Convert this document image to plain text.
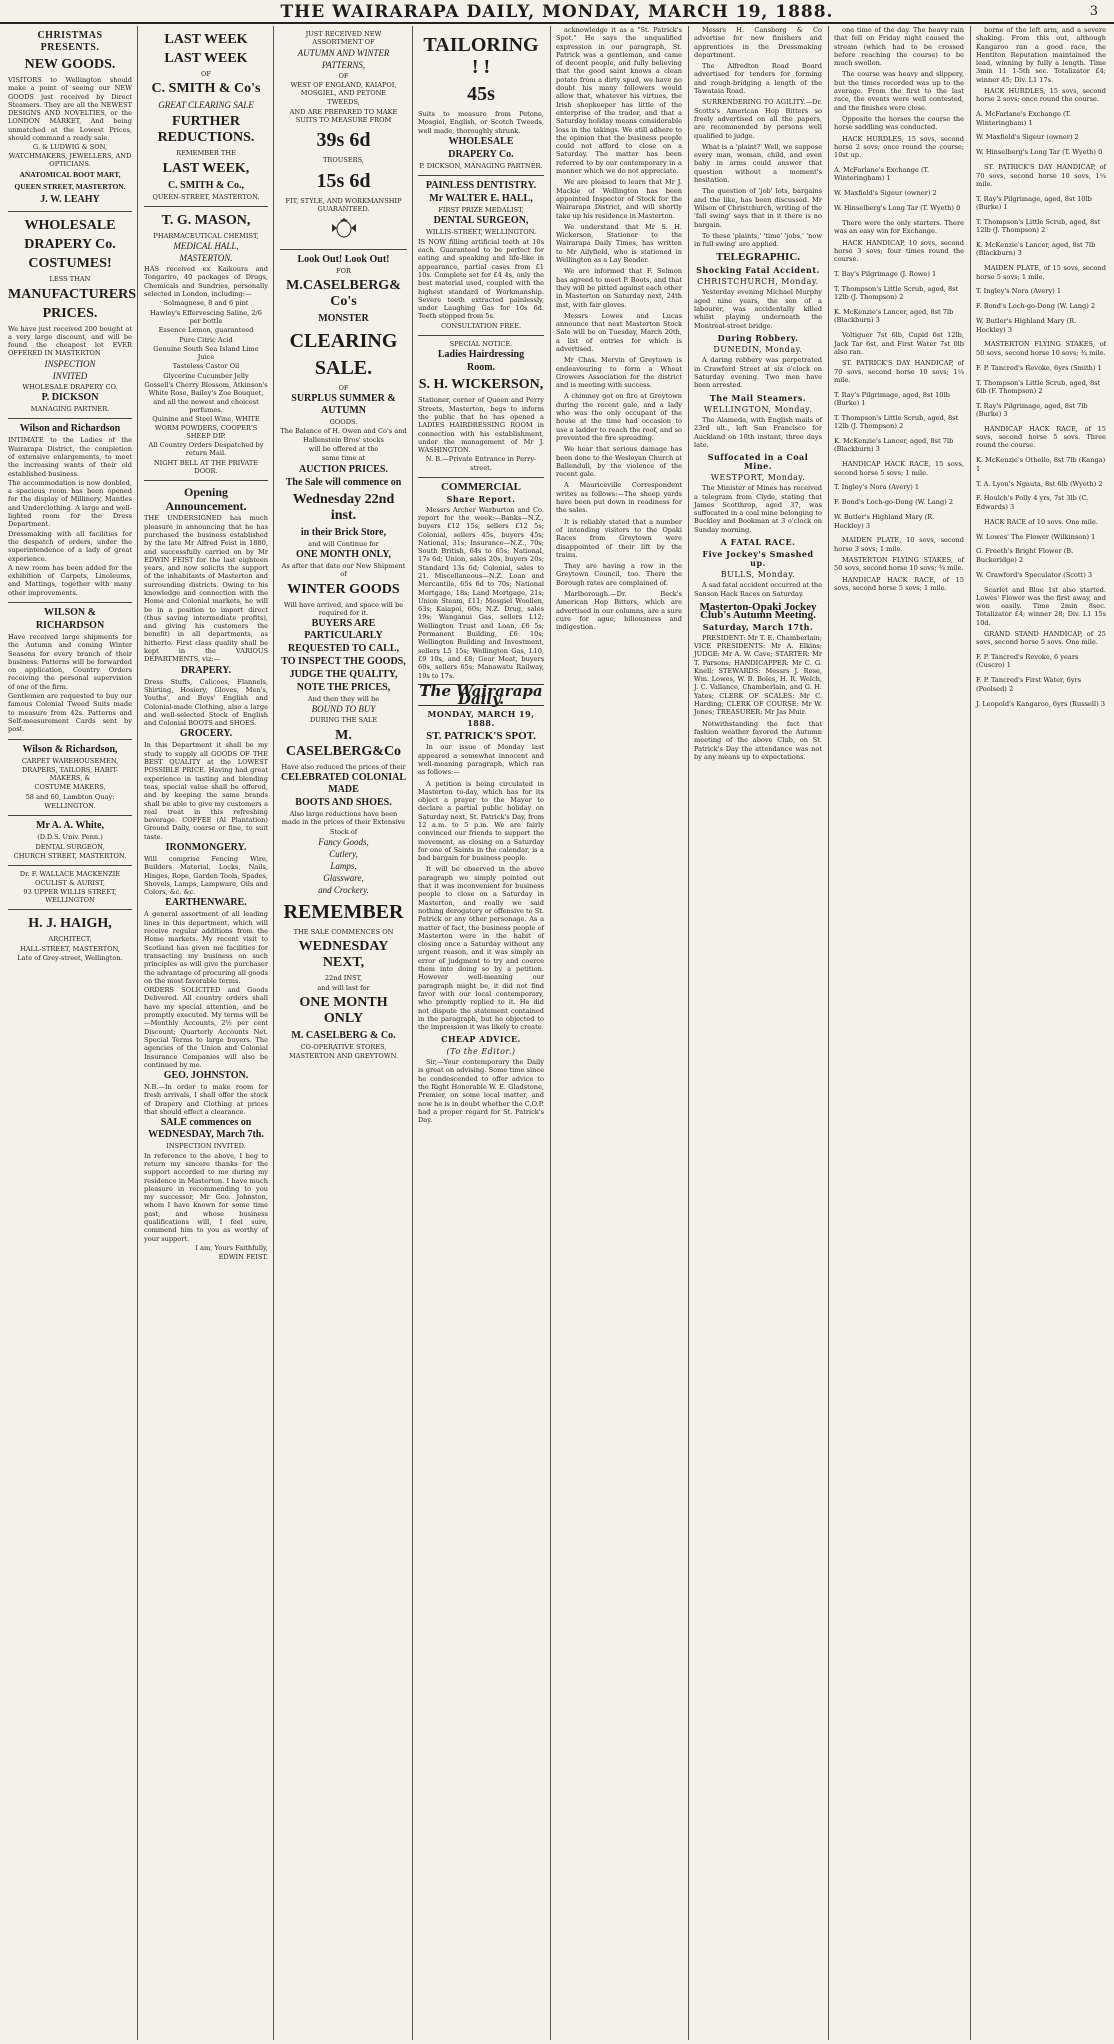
THE WAIRARAPA DAILY, MONDAY, MARCH 19, 1888.	3

CHRISTMAS PRESENTS.

NEW GOODS.

VISITORS to Wellington should make a point of seeing our NEW GOODS just received by Direct Steamers. They are all the NEWEST DESIGNS AND NOVELTIES, or the LONDON MARKET, And being unmatched at the Lowest Prices, should command a ready sale.

G. & LUDWIG & SON, WATCHMAKERS, JEWELLERS, AND OPTICIANS.

ANATOMICAL BOOT MART, QUEEN STREET, MASTERTON.

J. W. LEAHY

WHOLESALE

DRAPERY Co.

COSTUMES!

LESS THAN

MANUFACTURERS

PRICES.

We have just received 200 bought at a very large discount, and will be found the cheapest lot EVER OFFERED IN MASTERTON

INSPECTION

INVITED

WHOLESALE DRAPERY CO.

P. DICKSON

MANAGING PARTNER.

Wilson and Richardson

INTIMATE to the Ladies of the Wairarapa District, the completion of extensive enlargements, to meet the increasing wants of their old established business.

The accommodation is now doubled, a spacious room has been opened for the display of Millinery, Mantles and Underclothing. A large and well-lighted room for the Dress Department.

Dressmaking with all facilities for the despatch of orders, under the superintendence of a lady of great experience.

A new room has been added for the exhibition of Carpets, Linoleums, and Mattings, together with many other improvements.

WILSON &

RICHARDSON

Have received large shipments for the Autumn and coming Winter Seasons for every branch of their business. Patterns will be forwarded on application, Country Orders receiving the personal supervision of one of the firm.

Gentlemen are requested to buy our famous Colonial Tweed Suits made to measure from 42s. Patterns and Self-measurement Cards sent by post.

Wilson & Richardson,

CARPET WAREHOUSEMEN,

DRAPERS, TAILORS, HABIT-MAKERS, &

COSTUME MAKERS,

58 and 60, Lambton Quay:

WELLINGTON.

Mr A. A. White,

(D.D.S. Univ. Penn.)

DENTAL SURGEON,

CHURCH STREET, MASTERTON.

Dr. F. WALLACE MACKENZIE OCULIST & AURIST,

93 UPPER WILLIS STREET, WELLINGTON

H. J. HAIGH,

ARCHITECT,

HALL-STREET, MASTERTON,

Late of Grey-street, Wellington.

LAST WEEK

LAST WEEK

OF

C. SMITH & Co's

GREAT CLEARING SALE

FURTHER REDUCTIONS.

REMEMBER THE

LAST WEEK,

C. SMITH & Co.,

QUEEN-STREET, MASTERTON.

T. G. MASON,

PHARMACEUTICAL CHEMIST,

MEDICAL HALL,

MASTERTON.

HAS received ex Kaikoura and Tongariro, 40 packages of Drugs, Chemicals and Sundries, personally selected in London, including:—

Solmagnese, 8 and 6 pint

Hawley's Effervescing Saline, 2/6 per bottle

Essence Lemon, guaranteed

Pure Citric Acid

Genuine South Sea Island Lime Juice

Tasteless Castor Oil

Glycerine Cucumber Jelly

Gossell's Cherry Blossom, Atkinson's White Rose, Bailey's Zoe Bouquet, and all the newest and choicest perfumes.

Quinine and Steel Wine, WHITE WORM POWDERS, COOPER'S SHEEP DIP.

All Country Orders Despatched by return Mail.

NIGHT BELL AT THE PRIVATE DOOR.

Opening Announcement.

THE UNDERSIGNED has much pleasure in announcing that he has purchased the business established by the late Mr Alfred Feist in 1880, and successfully carried on by Mr EDWIN FEIST for the last eighteen years, and now solicits the support of the inhabitants of Masterton and surrounding districts. Owing to his knowledge and connection with the Home and Colonial markets, he will be in a position to import direct (thus saving intermediate profits), and giving his customers the benefit) in all departments, as hitherto. First class quality shall be kept in the VARIOUS DEPARTMENTS, viz:—

DRAPERY.

Dress Stuffs, Calicoes, Flannels, Shirting, Hosiery, Gloves, Men's, Youths', and Boys' English and Colonial-made Clothing, also a large and well-selected Stock of English and Colonial BOOTS and SHOES.

GROCERY.

In this Department it shall be my study to supply all GOODS OF THE BEST QUALITY at the LOWEST POSSIBLE PRICE. Having had great experience in tasting and blending teas, special value shall be offered, and by keeping the same brands shall be able to give my customers a real treat in this refreshing beverage. COFFEE (Al Plantation) Ground Daily, coarse or fine, to suit taste.

IRONMONGERY.

Will comprise Fencing Wire, Builders Material, Locks, Nails, Hinges, Rope, Garden Tools, Spades, Shovels, Lamps, Lampware, Oils and Colors, &c. &c.

EARTHENWARE.

A general assortment of all leading lines in this department, which will receive regular additions from the Home markets. My recent visit to Scotland has given me facilities for transacting my business on such principles as will give the purchaser the advantage of procuring all goods on the most favorable terms.

ORDERS SOLICITED and Goods Delivered. All country orders shall have my special attention, and be promptly executed. My terms will be—Monthly Accounts, 2½ per cent Discount; Quarterly Accounts Net. Special Terms to large buyers. The agencies of the Union and Colonial Insurance Companies will also be continued by me.

GEO. JOHNSTON.

N.B.—In order to make room for fresh arrivals, I shall offer the stock of Drapery and Clothing at prices that should effect a clearance.

SALE commences on WEDNESDAY, March 7th.

INSPECTION INVITED.

In reference to the above, I beg to return my sincere thanks for the support accorded to me during my residence in Masterton. I have much pleasure in recommending to you my successor, Mr Geo. Johnston, whom I have known for some time past, and whose business qualifications will, I feel sure, commend him to you as worthy of your support.

I am, Yours Faithfully,

EDWIN FEIST.

JUST RECEIVED NEW ASSORTMENT OF

AUTUMN AND WINTER

PATTERNS,

OF

WEST OF ENGLAND, KAIAPOI, MOSGIEL, AND PETONE

TWEEDS,

AND ARE PREPARED TO MAKE SUITS TO MEASURE FROM

39s 6d

TROUSERS,

15s 6d

FIT, STYLE, AND WORKMANSHIP GUARANTEED.

Look Out! Look Out!

FOR

M.CASELBERG& Co's

MONSTER

CLEARING

SALE.

OF

SURPLUS SUMMER & AUTUMN

GOODS.

The Balance of H. Owen and Co's and Hallenstein Bros' stocks

will be offered at the

same time at

AUCTION PRICES.

The Sale will commence on

Wednesday 22nd inst.

in their Brick Store,

and will Continue for

ONE MONTH ONLY,

As after that date our New Shipment of

WINTER GOODS

Will have arrived, and space will be required for it.

BUYERS ARE PARTICULARLY

REQUESTED TO CALL,

TO INSPECT THE GOODS,

JUDGE THE QUALITY,

NOTE THE PRICES,

And then they will be

BOUND TO BUY

DURING THE SALE

M. CASELBERG&Co

Have also reduced the prices of their

CELEBRATED COLONIAL MADE

BOOTS AND SHOES.

Also large reductions have been made in the prices of their Extensive

Stock of

Fancy Goods,

Cutlery,

Lamps,

Glassware,

and Crockery.

REMEMBER

THE SALE COMMENCES ON

WEDNESDAY NEXT,

22nd INST,

and will last for

ONE MONTH ONLY

M. CASELBERG & Co.

CO-OPERATIVE STORES,

MASTERTON AND GREYTOWN.

TAILORING ! !

45s

Suits to measure from Petone, Mosgiel, English, or Scotch Tweeds, well made, thoroughly shrunk.

WHOLESALE

DRAPERY Co.

P. DICKSON, MANAGING PARTNER.

PAINLESS DENTISTRY.

Mr WALTER E. HALL,

FIRST PRIZE MEDALIST,

DENTAL SURGEON,

WILLIS-STREET, WELLINGTON.

IS NOW filling artificial teeth at 10s each. Guaranteed to be perfect for eating and speaking and life-like in appearance, partial cases from £1 10s. Complete set for £4 4s, only the best material used, coupled with the highest standard of Workmanship. Severe teeth extracted painlessly, under Laughing Gas for 10s 6d. Teeth stopped from 5s.

CONSULTATION FREE.

SPECIAL NOTICE.

Ladies Hairdressing

Room.

S. H. WICKERSON,

Stationer, corner of Queen and Perry Streets, Masterton, begs to inform the public that he has opened a LADIES HAIRDRESSING ROOM in connection with his establishment, under the management of Mr J. WASHINGTON.

N. B.—Private Entrance in Perry-street.

COMMERCIAL

Share Report.

Messrs Archer Warburton and Co. report for the week:—Banks—N.Z., buyers £12 15s, sellers £12 5s; Colonial, sellers 45s, buyers 45s; National, 31s; Insurance—N.Z., 70s; South British, 64s to 65s; National, 17s 6d; Union, sales 20s, buyers 20s; Standard 13s 6d; Colonial, sales to 21. Miscellaneous—N.Z. Loan and Mercantile, 65s 6d to 70s; National Mortgage, 18s; Land Mortgage, 21s; Union Steam, £11; Mosgiel Woollen, 63s; Kaiapoi, 60s; N.Z. Drug, sales 19s; Wanganui Gas, sellers L12; Wellington Trust and Loan, £6 5s; Permanent Building, £6 10s; Wellington Building and Investment, sellers L5 15s; Wellington Gas, L10, £9 10s, and £8; Gear Meat, buyers 60s, sellers 65s; Manawatu Railway, 19s to 17s.

The Wairarapa Daily.

MONDAY, MARCH 19, 1888.

ST. PATRICK'S SPOT.

In our issue of Monday last appeared a somewhat innocent and well-meaning paragraph, which ran as follows:—

A petition is being circulated in Masterton to-day, which has for its object a prayer to the Mayor to declare a partial public holiday on Saturday next, St. Patrick's Day, from 12 a.m. to 5 p.m. We are fairly convinced our friends to support the movement, as closing on a Saturday for one of Saints in the calendar, is a bad bargain for business people.

It will be observed in the above paragraph we simply pointed out that it was inconvenient for business people to close on a Saturday in Masterton, and really we said nothing derogatory or offensive to St. Patrick or any other personage. As a matter of fact, the business people of Masterton were in the habit of closing once a Saturday without any urgent reason, and it was simply an error of judgment to try and coerce them into doing so by a petition. However well-meaning our paragraph might be, it did not find favor with our local contemporary, who promptly replied to it. He did not dispute the statement contained in the paragraph, but he objected to the impression it was likely to create.

CHEAP ADVICE.

(To the Editor.)

Sir,—Your contemporary the Daily is great on advising. Some time since he condescended to offer advice to the Right Honorable W. E. Gladstone, Premier, on some local matter, and now he is in doubt whether the C.O.P. had a proper regard for St. Patrick's Day.

acknowledge it as a "St. Patrick's Spot." He says the unqualified expression in our paragraph, St. Patrick was a gentleman, and came of decent people, and fully believing that the good saint knows a clean potato from a dirty spud, we have no doubt his many followers would allow that, whatever his virtues, the Irish shopkeeper has little of the enterprise of the trader, and that a Saturday holiday means considerable loss in the takings. We still adhere to the opinion that the business people could not afford to close on a Saturday. The matter has been referred to by our contemporary in a manner which we do not appreciate.

We are pleased to learn that Mr J. Mackie of Wellington has been appointed Inspector of Stock for the Wairarapa District, and will shortly take up his residence in Masterton.

We understand that Mr S. H. Wickerson, Stationer to the Wairarapa Daily Times, has written to Mr Ailyfield, who is stationed in Wellington as a Lay Reader.

We are informed that F. Selmon has agreed to meet P. Boots, and that they will be pitted against each other in Masterton on Saturday next, 24th inst, with fair gloves.

Messrs Lowes and Lucas announce that next Masterton Stock Sale will be on Tuesday, March 20th, a list of entries for which is advertised.

Mr Chas. Mervin of Greytown is endeavouring to form a Wheat Growers Association for the district and is meeting with success.

A chimney got on fire at Greytown during the recent gale, and a lady who was the only occupant of the house at the time had occasion to use a ladder to reach the roof, and so prevented the fire spreading.

We hear that serious damage has been done to the Wesleyan Church at Ballendull, by the violence of the recent gale.

A Mauriceville Correspondent writes as follows:—The sheep yards have been put down in readiness for the sales.

It is reliably stated that a number of intending visitors to the Opaki Races from Greytown were disappointed of their lift by the trains.

They are having a row in the Greytown Council, too. There the Borough rates are complained of.

Marlborough.—Dr. Beck's American Hop Bitters, which are advertised in our columns, are a sure cure for ague, biliousness and indigestion.

Messrs H. Cansborg & Co advertise for new finishers and apprentices in the Dressmaking department.

The Alfredton Road Board advertised for tenders for forming and rough-bridging a length of the Tawataia Road.

SURRENDERING TO AGILITY.—Dr. Scotts's American Hop Bitters so freely advertised on all the papers, are recommended by persons well qualified to judge.

What is a 'plaint?' Well, we suppose every man, woman, child, and even baby in arms could answer that question without a moment's hesitation.

The question of 'job' lots, bargains and the like, has been discussed. Mr Wilson of Christchurch, writing of the 'fall swing' says that in it there is no bargain.

To these 'plaints,' 'time' 'jobs,' 'now in full swing' are applied.

TELEGRAPHIC.

Shocking Fatal Accident.

CHRISTCHURCH, Monday.

Yesterday evening Michael Murphy aged nine years, the son of a labourer, was accidentally killed whilst playing underneath the Montreal-street bridge.

During Robbery.

DUNEDIN, Monday.

A daring robbery was perpetrated in Crawford Street at six o'clock on Saturday evening. Two men have been arrested.

The Mail Steamers.

WELLINGTON, Monday.

The Alameda, with English mails of 23rd ult., left San Francisco for Auckland on 10th instant, three days late.

Suffocated in a Coal Mine.

WESTPORT, Monday.

The Minister of Mines has received a telegram from Clyde, stating that James Scotthrop, aged 37, was suffocated in a coal mine belonging to Buckley and Bookman at 3 o'clock on Sunday morning.

A FATAL RACE.

Five Jockey's Smashed up.

BULLS, Monday.

A sad fatal accident occurred at the Sanson Hack Races on Saturday.

Masterton-Opaki Jockey Club's Autumn Meeting.

Saturday, March 17th.

PRESIDENT: Mr T. E. Chamberlain; VICE PRESIDENTS: Mr A. Elkins; JUDGE: Mr A. W. Cave; STARTER: Mr T. Parsons; HANDICAPPER: Mr C. G. Knell; STEWARDS: Messrs J. Rose, Wm. Lowes, W. B. Boles, H. R. Welch, J. C. Vallance, Chamberlain, and G. H. Yates; CLERK OF SCALES: Mr C. Harding; CLERK OF COURSE: Mr W. Jones; TREASURER: Mr Jas Muir.

Notwithstanding the fact that fashion weather favored the Autumn meeting of the above Club, on St. Patrick's Day the attendance was not by any means up to expectations.

one time of the day. The heavy rain that fell on Friday night caused the stream (which had to be crossed before reaching the course) to be much swollen.

The course was heavy and slippery, but the times recorded was up to the average. From the first to the last race, the events were well contested, and the finishes were close.

Opposite the horses the course the horse saddling was conducted.

HACK HURDLES, 15 sovs, second horse 2 sovs; once round the course; 10st up.

A. McFarlane's Exchange (T. Winteringham) 1

W. Maxfield's Sigeur (owner) 2

W. Hinselberg's Long Tar (T. Wyeth) 0

There were the only starters. There was an easy win for Exchange.

HACK HANDICAP, 10 sovs, second horse 3 sovs; four times round the course.

T. Bay's Pilgrimage (J. Rowe) 1

T. Thompson's Little Scrub, aged, 8st 12lb (J. Thompson) 2

K. McKenzie's Lancer, aged, 8st 7lb (Blackburn) 3

Voltiguer 7st 6lb, Cupid 6st 12lb, Jack Tar 6st, and First Water 7st 0lb also ran.

ST. PATRICK'S DAY HANDICAP, of 70 sovs, second horse 10 sovs; 1¼ mile.

T. Ray's Pilgrimage, aged, 8st 10lb (Burke) 1

T. Thompson's Little Scrub, aged, 8st 12lb (J. Thompson) 2

K. McKenzie's Lancer, aged, 8st 7lb (Blackburn) 3

HANDICAP HACK RACE, 15 sovs, second horse 5 sovs; 1 mile.

T. Ingley's Nora (Avery) 1

F. Bond's Loch-go-Dong (W. Lang) 2

W. Butler's Highland Mary (R. Hockley) 3

MAIDEN PLATE, 10 sovs, second horse 3 sovs; 1 mile.

MASTERTON FLYING STAKES, of 50 sovs, second horse 10 sovs; ¾ mile.

HANDICAP HACK RACE, of 15 sovs, second horse 5 sovs; 1 mile.

borne of the left arm, and a severe shaking. From this out, although Kangaroo ran a good race, the Hentiton Reputation maintained the lead, winning by fully a length. Time 3min 11 1-5th sec. Totalizator £4; winner 45; Div. L1 17s.

HACK HURDLES, 15 sovs, second horse 2 sovs; once round the course.

A. McFarlane's Exchange (T. Winteringham) 1

W. Maxfield's Sigeur (owner) 2

W. Hinselberg's Long Tar (T. Wyeth) 0

ST. PATRICK'S DAY HANDICAP, of 70 sovs, second horse 10 sovs, 1¼ mile.

T. Ray's Pilgrimage, aged, 8st 10lb (Burke) 1

T. Thompson's Little Scrub, aged, 8st 12lb (J. Thompson) 2

K. McKenzie's Lancer, aged, 8st 7lb (Blackburn) 3

MAIDEN PLATE, of 15 sovs, second horse 5 sovs; 1 mile.

T. Ingley's Nora (Avery) 1

F. Bond's Loch-go-Dong (W. Lang) 2

W. Butler's Highland Mary (R. Hockley) 3

MASTERTON FLYING STAKES, of 50 sovs, second horse 10 sovs; ¾ mile.

F. P. Tancred's Revoke, 6yrs (Smith) 1

T. Thompson's Little Scrub, aged, 8st 6lb (F. Thompson) 2

T. Ray's Pilgrimage, aged, 8st 7lb (Burke) 3

HANDICAP HACK RACE, of 15 sovs, second horse 5 sovs. Three round the course.

K. McKenzie's Othello, 8st 7lb (Kanga) 1

T. A. Lyon's Ngauta, 8st 6lb (Wyeth) 2

F. Houlch's Polly 4 yrs, 7st 3lb (C. Edwards) 3

HACK RACE of 10 sovs. One mile.

W. Lowes' The Flower (Wilkinson) 1

G. Freeth's Bright Flower (B. Buckeridge) 2

W. Crawford's Speculator (Scott) 3

Scarlet and Blue 1st also started. Lowes' Flower was the first away, and won easily. Time 2min 8sec. Totalizator £4; winner 28; Div. L1 15s 10d.

GRAND STAND HANDICAP, of 25 sovs, second horse 5 sovs. One mile.

F. P. Tancred's Revoke, 6 years (Cuscro) 1

F. P. Tancred's First Water, 6yrs (Poolsed) 2

J. Leopold's Kangaroo, 6yrs (Russell) 3
